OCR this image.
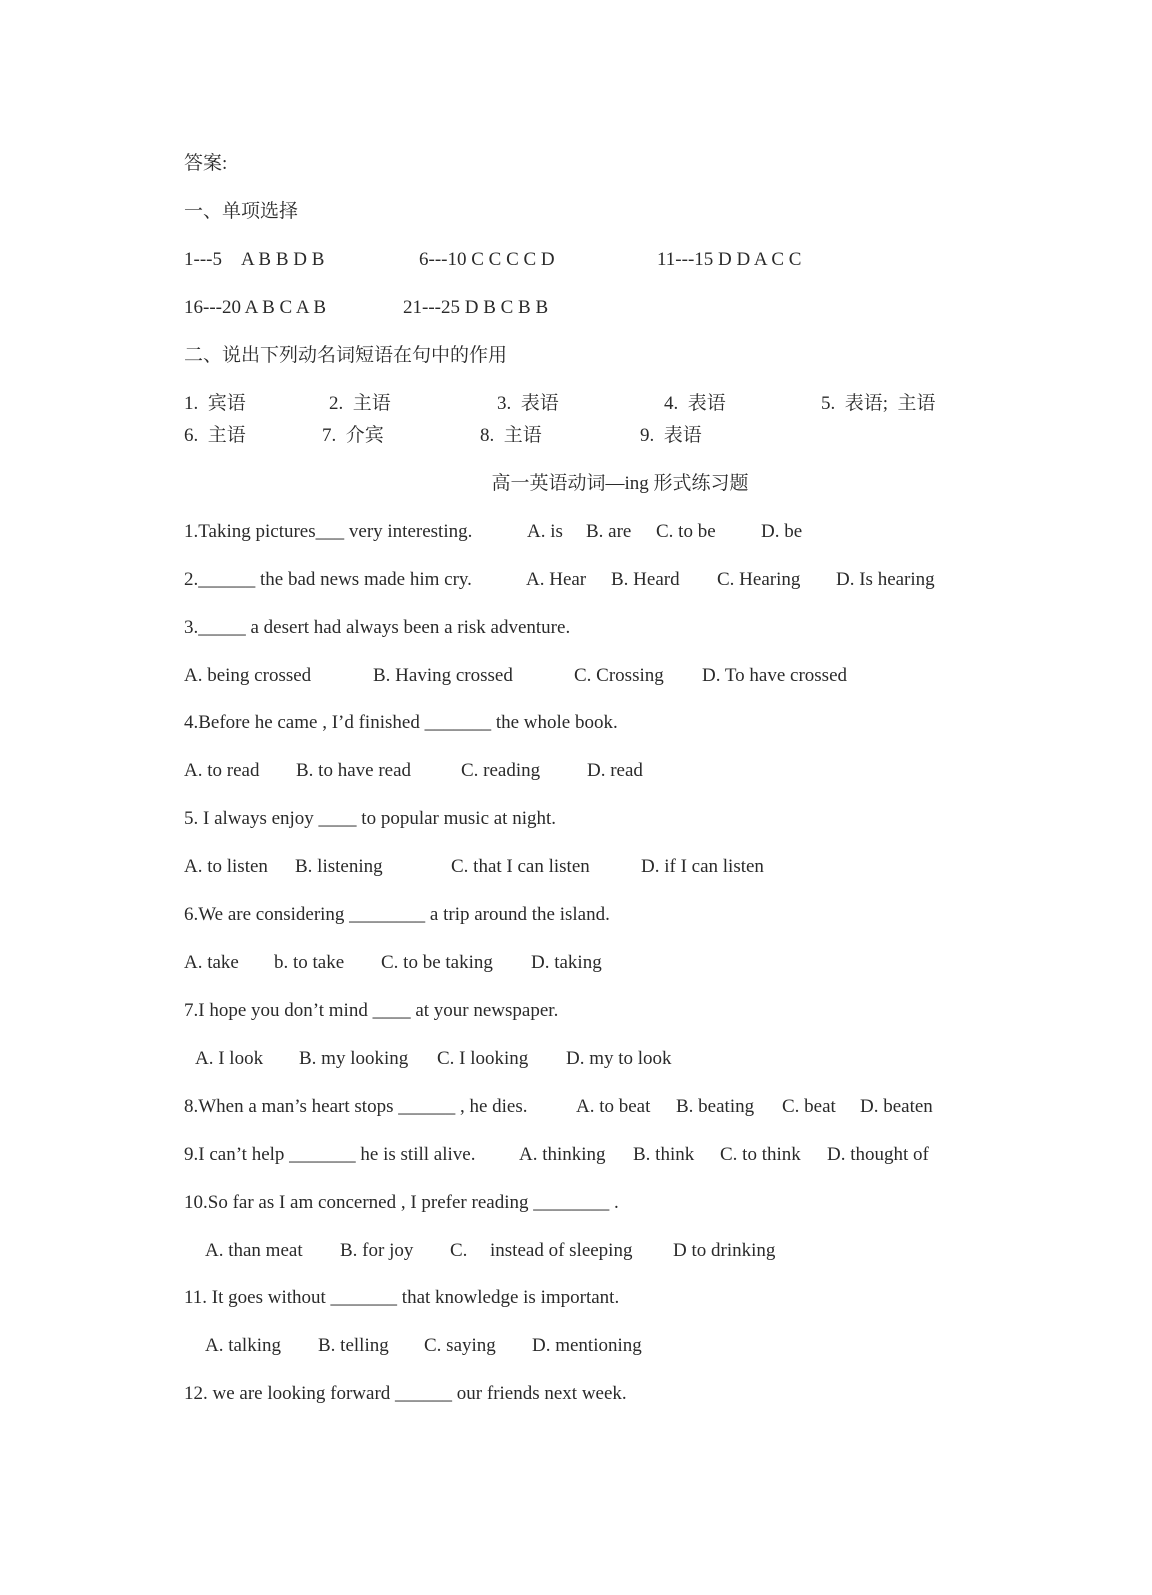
答案:
一、单项选择
1---5　A B B D B	6---10 C C C C D	11---15 D D A C C
16---20 A B C A B	21---25 D B C B B
二、说出下列动名词短语在句中的作用
1.  宾语	2.  主语	3.  表语	4.  表语	5.  表语;  主语
6.  主语	7.  介宾	8.  主语	9.  表语
高一英语动词—ing 形式练习题
1.Taking pictures___ very interesting.	A. is B. are C. to be D. be
2.______ the bad news made him cry.	A. Hear B. Heard C. Hearing D. Is hearing
3._____ a desert had always been a risk adventure.
A. being crossed	B. Having crossed	C. Crossing D. To have crossed
4.Before he came , I’d finished _______ the whole book.
A. to read B. to have read	C. reading D. read
5. I always enjoy ____ to popular music at night.
A. to listen B. listening	C. that I can listen	D. if I can listen
6.We are considering ________ a trip around the island.
A. take b. to take C. to be taking D. taking
7.I hope you don’t mind ____ at your newspaper.
A. I look B. my looking C. I looking D. my to look
8.When a man’s heart stops ______ , he dies.	A. to beat B. beating C. beat D. beaten
9.I can’t help _______ he is still alive. A. thinking B. think C. to think D. thought of
10.So far as I am concerned , I prefer reading ________ .
A. than meat B. for joy C. instead of sleeping D to drinking
11. It goes without _______ that knowledge is important.
A. talking B. telling C. saying D. mentioning
12. we are looking forward ______ our friends next week.
